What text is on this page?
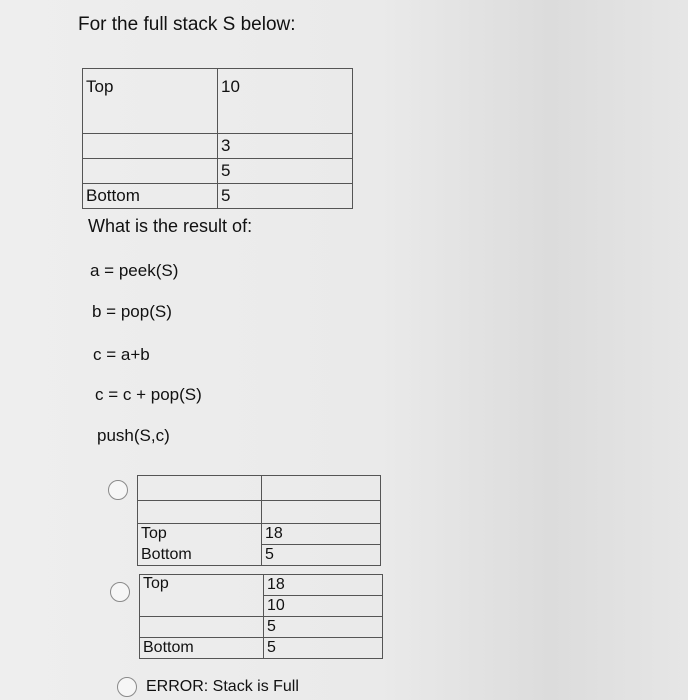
For the full stack S below:
Top	10
	3
	5
Bottom	5
What is the result of:
a = peek(S)
b = pop(S)
c = a+b
c = c + pop(S)
push(S,c)

Top	18
Bottom	5
Top	18
	10
	5
Bottom	5
ERROR: Stack is Full
